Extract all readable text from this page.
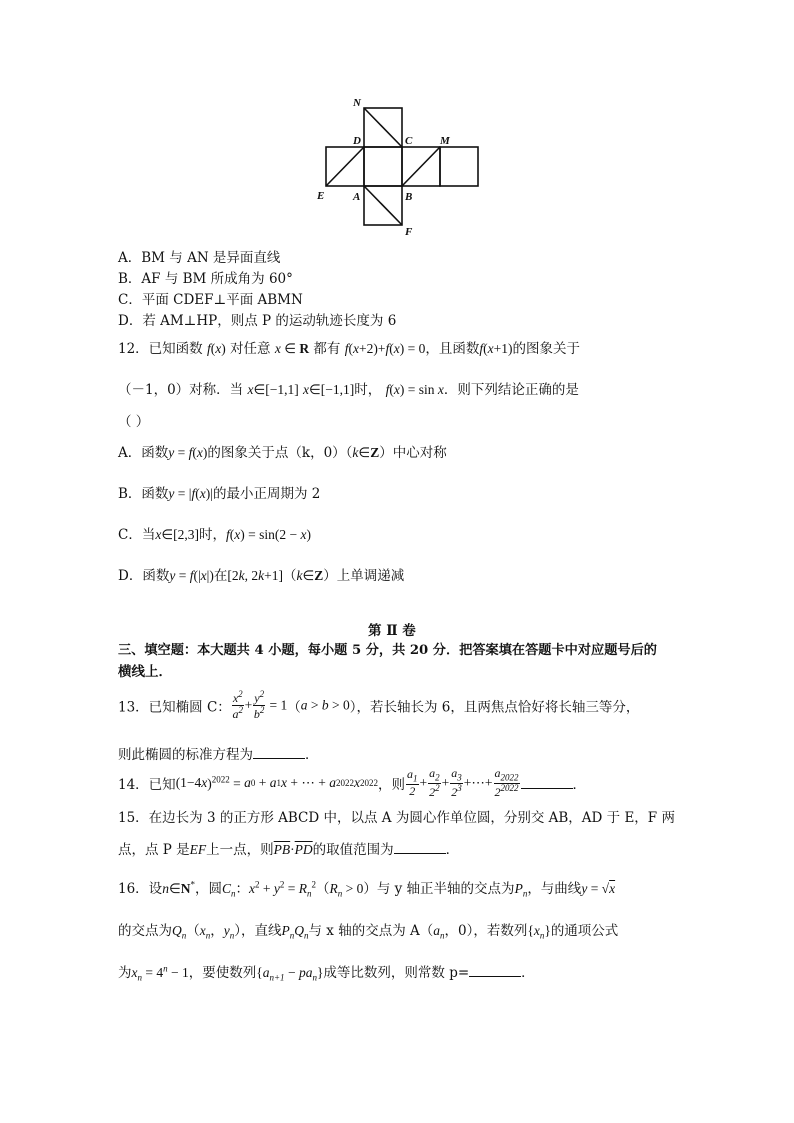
N
D	C	M
E	A	B
F
A．BM 与 AN 是异面直线
B．AF 与 BM 所成角为 60°
C．平面 CDEF⊥平面 ABMN
D．若 AM⊥HP，则点 P 的运动轨迹长度为 6
12．已知函数 f(x) 对任意 x ∈ R 都有 f(x+2)+f(x) = 0，且函数f(x+1)的图象关于
（－1，0）对称．当 x∈[−1,1] x∈[−1,1]时， f(x) = sin x．则下列结论正确的是
（ ）
A．函数y = f(x)的图象关于点（k，0）（k∈Z）中心对称
B．函数y = |f(x)|的最小正周期为 2
C．当x∈[2,3]时，f(x) = sin(2 − x)
D．函数y = f(|x|)在[2k, 2k+1]（k∈Z）上单调递减
第 Ⅱ 卷
三、填空题：本大题共 4 小题，每小题 5 分，共 20 分．把答案填在答题卡中对应题号后的
横线上．
13．已知椭圆 C： $\frac{x^2}{a^2} + \frac{y^2}{b^2} = 1(a > b > 0)$，若长轴长为 6，且两焦点恰好将长轴三等分，
则此椭圆的标准方程为	．
14．已知$(1-4x)^{2022} = a0 + a1x$ + ⋯ + a2022x2022，则 $\frac{a_1}{2} + \frac{a_2}{2^2} + \frac{a_3}{2^3}$ +⋯+ $\frac{a_{2022}}{2^{2022}}$	．
15．在边长为 3 的正方形 ABCD 中，以点 A 为圆心作单位圆，分别交 AB，AD 于 E，F 两
点，点 P 是EF上一点，则$\overline{PB}\cdot\overline{PD}$的取值范围为	．
16．设n∈N*，圆$C_n$：$x^2 + y^2 = R_n^2(R_n > 0)$与 y 轴正半轴的交点为$P_n$，与曲线y = √x
的交点为$Q_n(x_n$，$y_n$），直线$P_nQ_n$与 x 轴的交点为 $A(a_n$，0），若数列$\{x_n\}$的通项公式
为$x_n = 4^n - 1$，要使数列$\{a_{n+1} - pa_n\}$成等比数列，则常数 p=	．
